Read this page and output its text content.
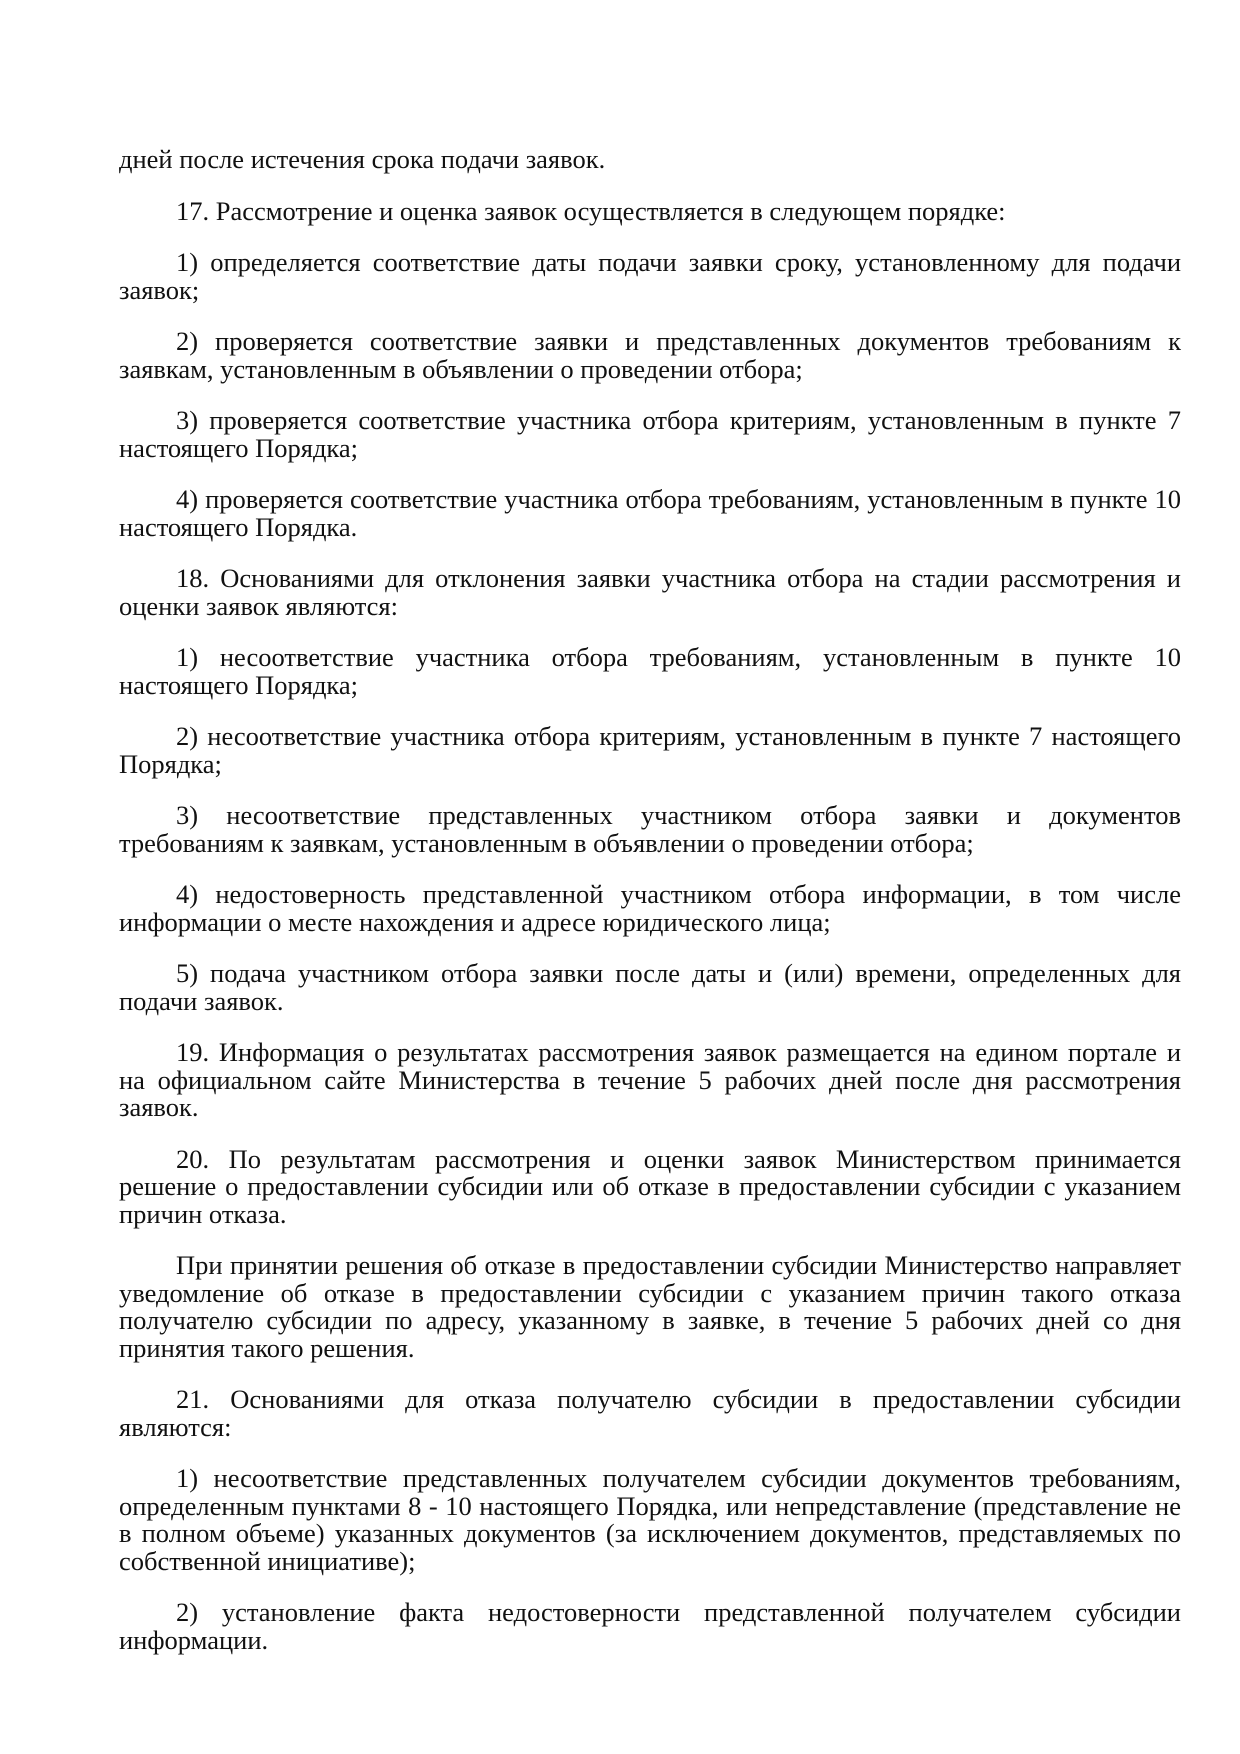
дней после истечения срока подачи заявок.

17. Рассмотрение и оценка заявок осуществляется в следующем порядке:

1) определяется соответствие даты подачи заявки сроку, установленному для подачи заявок;

2) проверяется соответствие заявки и представленных документов требованиям к заявкам, установленным в объявлении о проведении отбора;

3) проверяется соответствие участника отбора критериям, установленным в пункте 7 настоящего Порядка;

4) проверяется соответствие участника отбора требованиям, установленным в пункте 10 настоящего Порядка.

18. Основаниями для отклонения заявки участника отбора на стадии рассмотрения и оценки заявок являются:

1) несоответствие участника отбора требованиям, установленным в пункте 10 настоящего Порядка;

2) несоответствие участника отбора критериям, установленным в пункте 7 настоящего Порядка;

3) несоответствие представленных участником отбора заявки и документов требованиям к заявкам, установленным в объявлении о проведении отбора;

4) недостоверность представленной участником отбора информации, в том числе информации о месте нахождения и адресе юридического лица;

5) подача участником отбора заявки после даты и (или) времени, определенных для подачи заявок.

19. Информация о результатах рассмотрения заявок размещается на едином портале и на официальном сайте Министерства в течение 5 рабочих дней после дня рассмотрения заявок.

20. По результатам рассмотрения и оценки заявок Министерством принимается решение о предоставлении субсидии или об отказе в предоставлении субсидии с указанием причин отказа.

При принятии решения об отказе в предоставлении субсидии Министерство направляет уведомление об отказе в предоставлении субсидии с указанием причин такого отказа получателю субсидии по адресу, указанному в заявке, в течение 5 рабочих дней со дня принятия такого решения.

21. Основаниями для отказа получателю субсидии в предоставлении субсидии являются:

1) несоответствие представленных получателем субсидии документов требованиям, определенным пунктами 8 - 10 настоящего Порядка, или непредставление (представление не в полном объеме) указанных документов (за исключением документов, представляемых по собственной инициативе);

2) установление факта недостоверности представленной получателем субсидии информации.
